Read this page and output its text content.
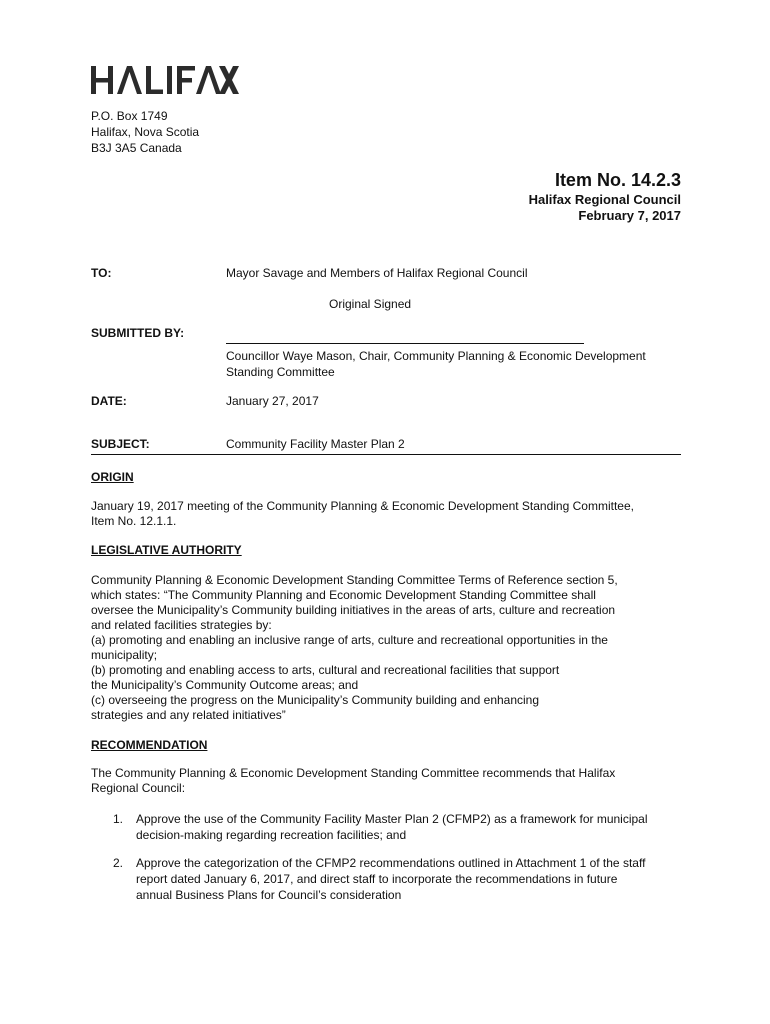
P.O. Box 1749
Halifax, Nova Scotia
B3J 3A5 Canada
Item No. 14.2.3
Halifax Regional Council
February 7, 2017
TO:	Mayor Savage and Members of Halifax Regional Council
Original Signed
SUBMITTED BY:
Councillor Waye Mason, Chair, Community Planning & Economic Development
Standing Committee
DATE:	January 27, 2017
SUBJECT:	Community Facility Master Plan 2
ORIGIN
January 19, 2017 meeting of the Community Planning & Economic Development Standing Committee,
Item No. 12.1.1.
LEGISLATIVE AUTHORITY
Community Planning & Economic Development Standing Committee Terms of Reference section 5,
which states: “The Community Planning and Economic Development Standing Committee shall
oversee the Municipality’s Community building initiatives in the areas of arts, culture and recreation
and related facilities strategies by:
(a) promoting and enabling an inclusive range of arts, culture and recreational opportunities in the
municipality;
(b) promoting and enabling access to arts, cultural and recreational facilities that support
the Municipality’s Community Outcome areas; and
(c) overseeing the progress on the Municipality’s Community building and enhancing
strategies and any related initiatives”
RECOMMENDATION
The Community Planning & Economic Development Standing Committee recommends that Halifax
Regional Council:
1.	Approve the use of the Community Facility Master Plan 2 (CFMP2) as a framework for municipal
decision-making regarding recreation facilities; and
2.	Approve the categorization of the CFMP2 recommendations outlined in Attachment 1 of the staff
report dated January 6, 2017, and direct staff to incorporate the recommendations in future
annual Business Plans for Council’s consideration
